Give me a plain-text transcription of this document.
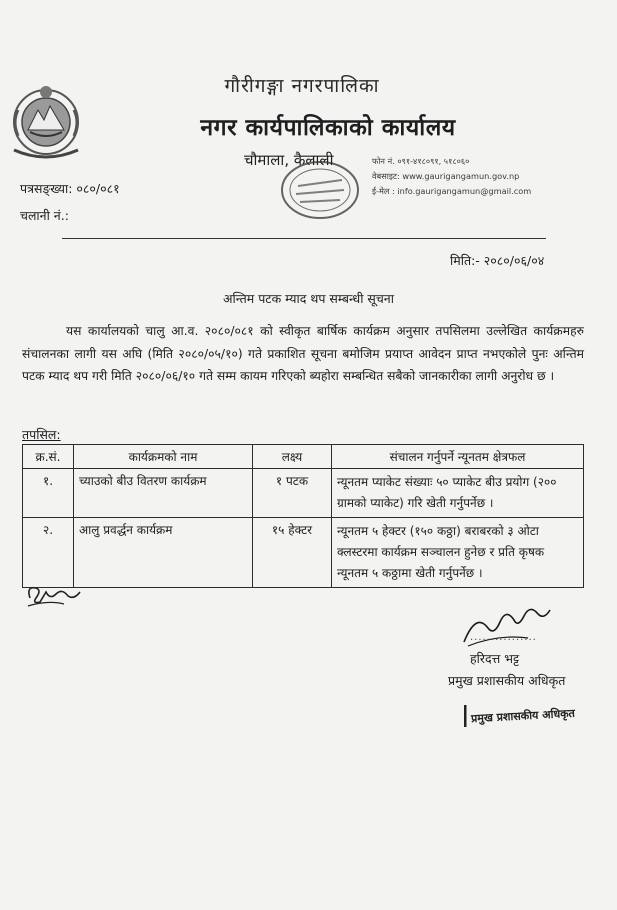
गौरीगङ्गा नगरपालिका
नगर कार्यपालिकाको कार्यालय
चौमाला, कैलाली	फोन नं. ०९१-४१८०९१, ५१८०६०
वेबसाइट: www.gaurigangamun.gov.np
ई-मेल : info.gaurigangamun@gmail.com
पत्रसङ्ख्या: ०८०/०८१
चलानी नं.:
मिति:- २०८०/०६/०४
अन्तिम पटक म्याद थप सम्बन्धी सूचना

यस कार्यालयको चालु आ.व. २०८०/०८१ को स्वीकृत बार्षिक कार्यक्रम अनुसार तपसिलमा उल्लेखित कार्यक्रमहरु संचालनका लागी यस अघि (मिति २०८०/०५/१०) गते प्रकाशित सूचना बमोजिम प्रयाप्त आवेदन प्राप्त नभएकोले पुनः अन्तिम पटक म्याद थप गरी मिति २०८०/०६/१० गते सम्म कायम गरिएको ब्यहोरा सम्बन्धित सबैको जानकारीका लागी अनुरोध छ ।

तपसिल:
क्र.सं.	कार्यक्रमको नाम	लक्ष्य	संचालन गर्नुपर्ने न्यूनतम क्षेत्रफल
१.	च्याउको बीउ वितरण कार्यक्रम	१ पटक	न्यूनतम प्याकेट संख्याः ५० प्याकेट बीउ प्रयोग (२०० ग्रामको प्याकेट) गरि खेती गर्नुपर्नेछ ।
२.	आलु प्रवर्द्धन कार्यक्रम	१५ हेक्टर	न्यूनतम ५ हेक्टर (१५० कठ्ठा) बराबरको ३ ओटा क्लस्टरमा कार्यक्रम सञ्चालन हुनेछ र प्रति कृषक न्यूनतम ५ कठ्ठामा खेती गर्नुपर्नेछ ।
................
हरिदत्त भट्ट
प्रमुख प्रशासकीय अधिकृत
प्रमुख प्रशासकीय अधिकृत
